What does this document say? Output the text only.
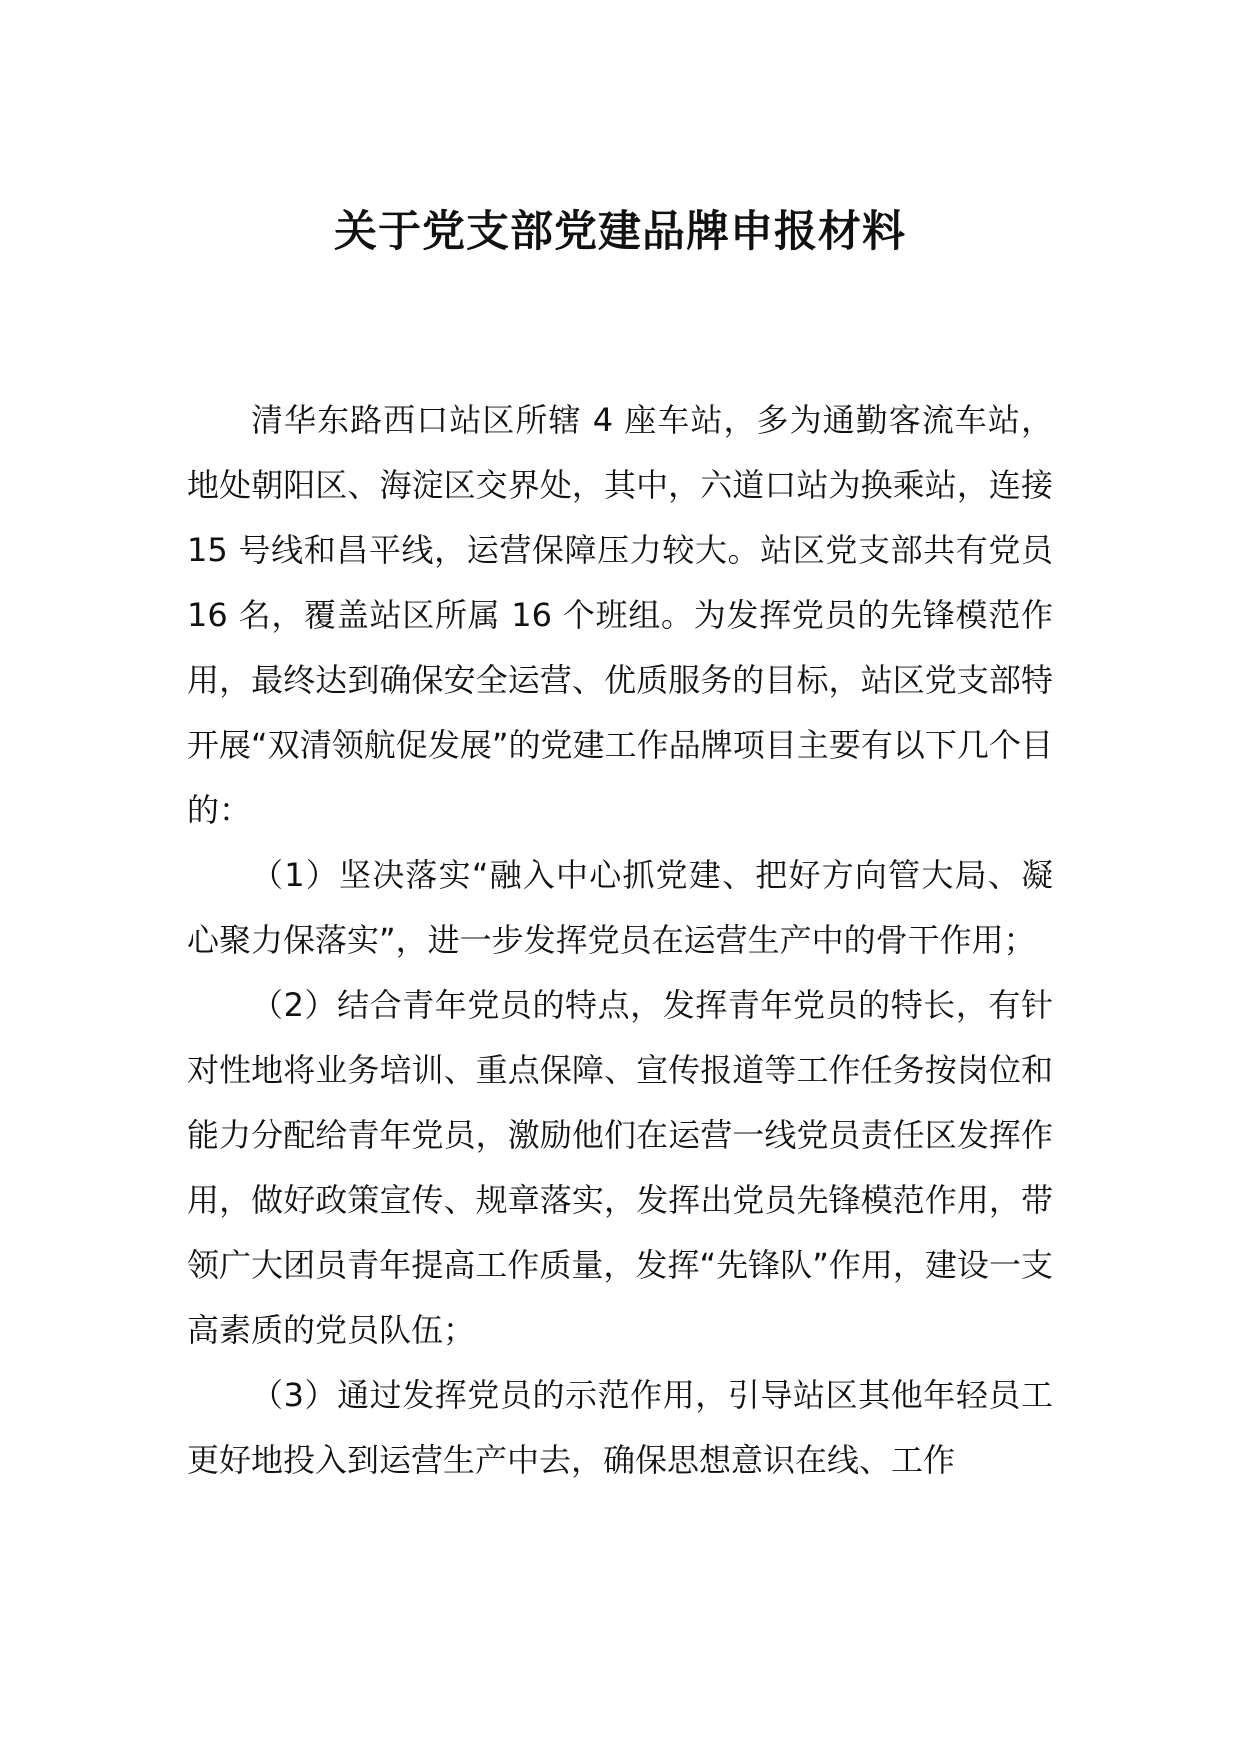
关于党支部党建品牌申报材料

清华东路西口站区所辖 4 座车站，多为通勤客流车站，地处朝阳区、海淀区交界处，其中，六道口站为换乘站，连接 15 号线和昌平线，运营保障压力较大。站区党支部共有党员 16 名，覆盖站区所属 16 个班组。为发挥党员的先锋模范作用，最终达到确保安全运营、优质服务的目标，站区党支部特开展“双清领航促发展”的党建工作品牌项目主要有以下几个目的：

（1）坚决落实“融入中心抓党建、把好方向管大局、凝心聚力保落实”，进一步发挥党员在运营生产中的骨干作用；

（2）结合青年党员的特点，发挥青年党员的特长，有针对性地将业务培训、重点保障、宣传报道等工作任务按岗位和能力分配给青年党员，激励他们在运营一线党员责任区发挥作用，做好政策宣传、规章落实，发挥出党员先锋模范作用，带领广大团员青年提高工作质量，发挥“先锋队”作用，建设一支高素质的党员队伍；

（3）通过发挥党员的示范作用，引导站区其他年轻员工更好地投入到运营生产中去，确保思想意识在线、工作
